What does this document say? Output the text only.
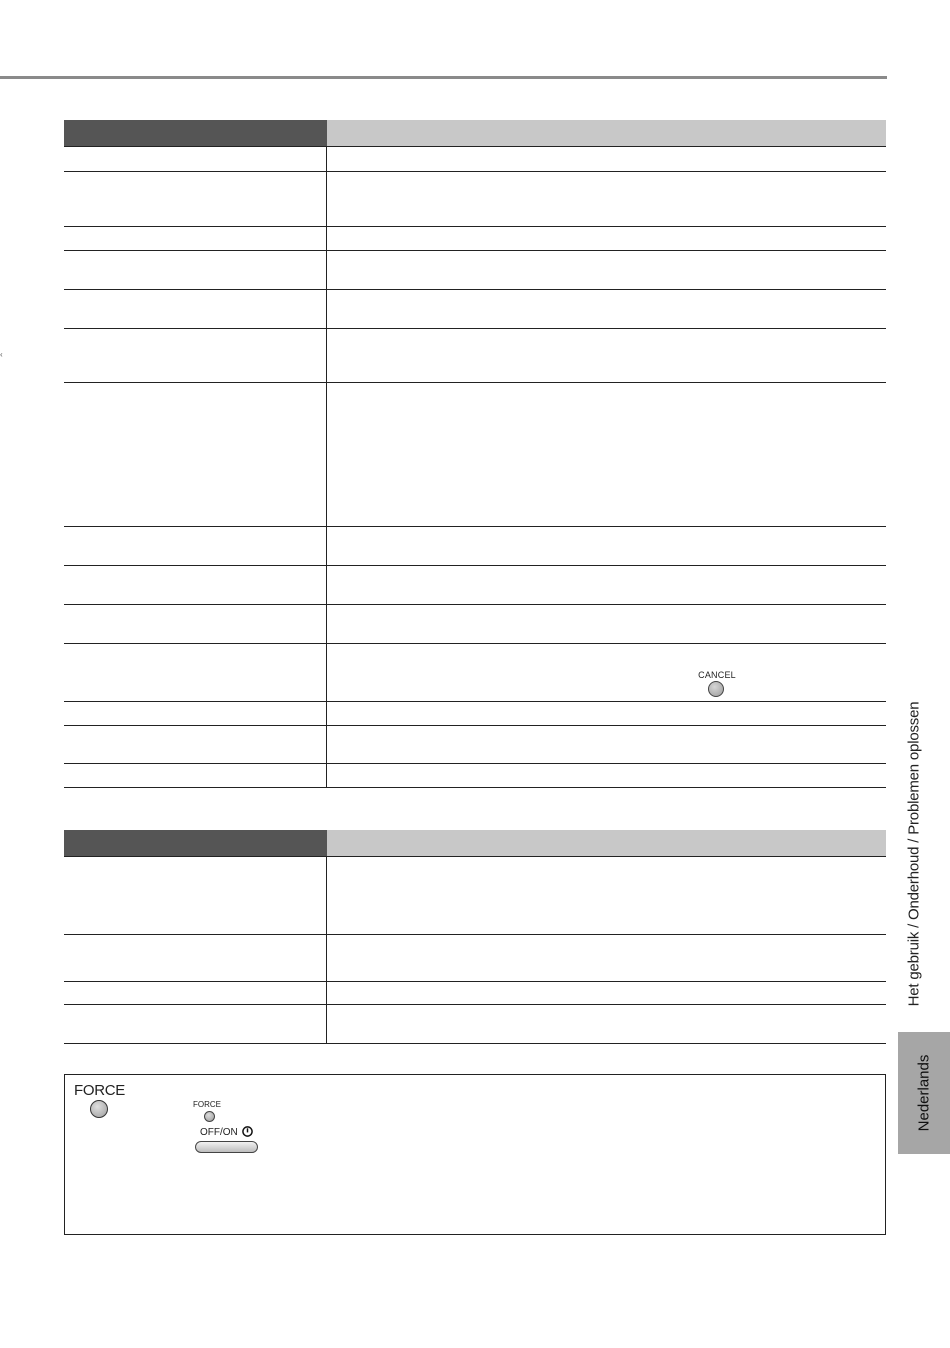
CANCEL
FORCE
FORCE
OFF/ON
Het gebruik / Onderhoud / Problemen oplossen
Nederlands
‹
